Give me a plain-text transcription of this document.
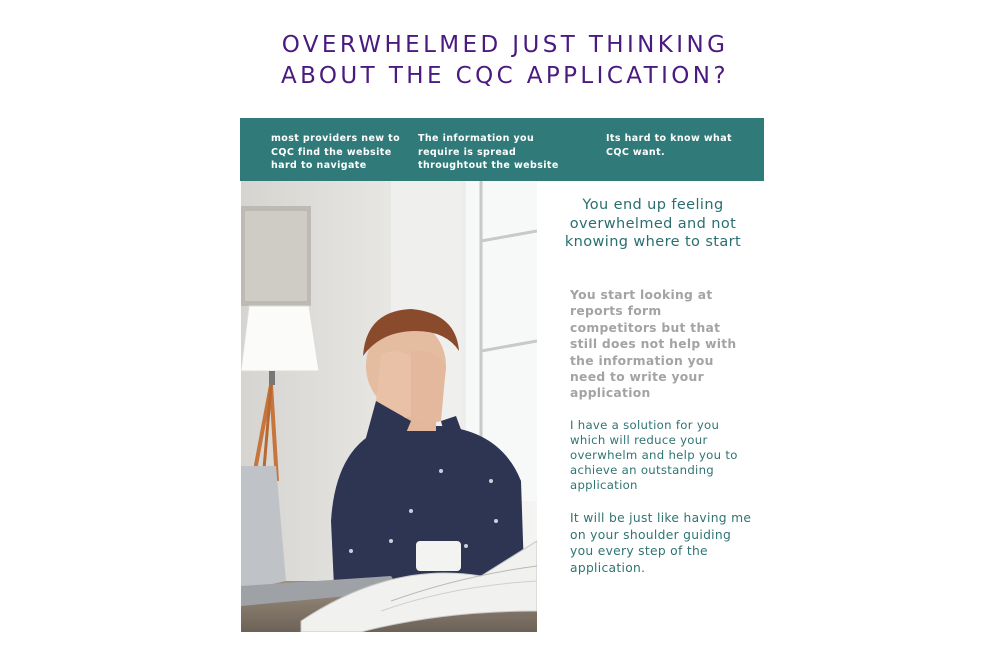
OVERWHELMED JUST THINKING
ABOUT THE CQC APPLICATION?
most providers new to CQC find the website hard to navigate
The information you require is spread throughtout the website
Its hard to know what CQC want.
You end up feeling overwhelmed and not knowing where to start
You start looking at reports form competitors but that still does not help with the information you need to write your application
I have a solution for you which will reduce your overwhelm and help you to achieve an outstanding application
It will be just like having me on your shoulder guiding you every step of the application.
